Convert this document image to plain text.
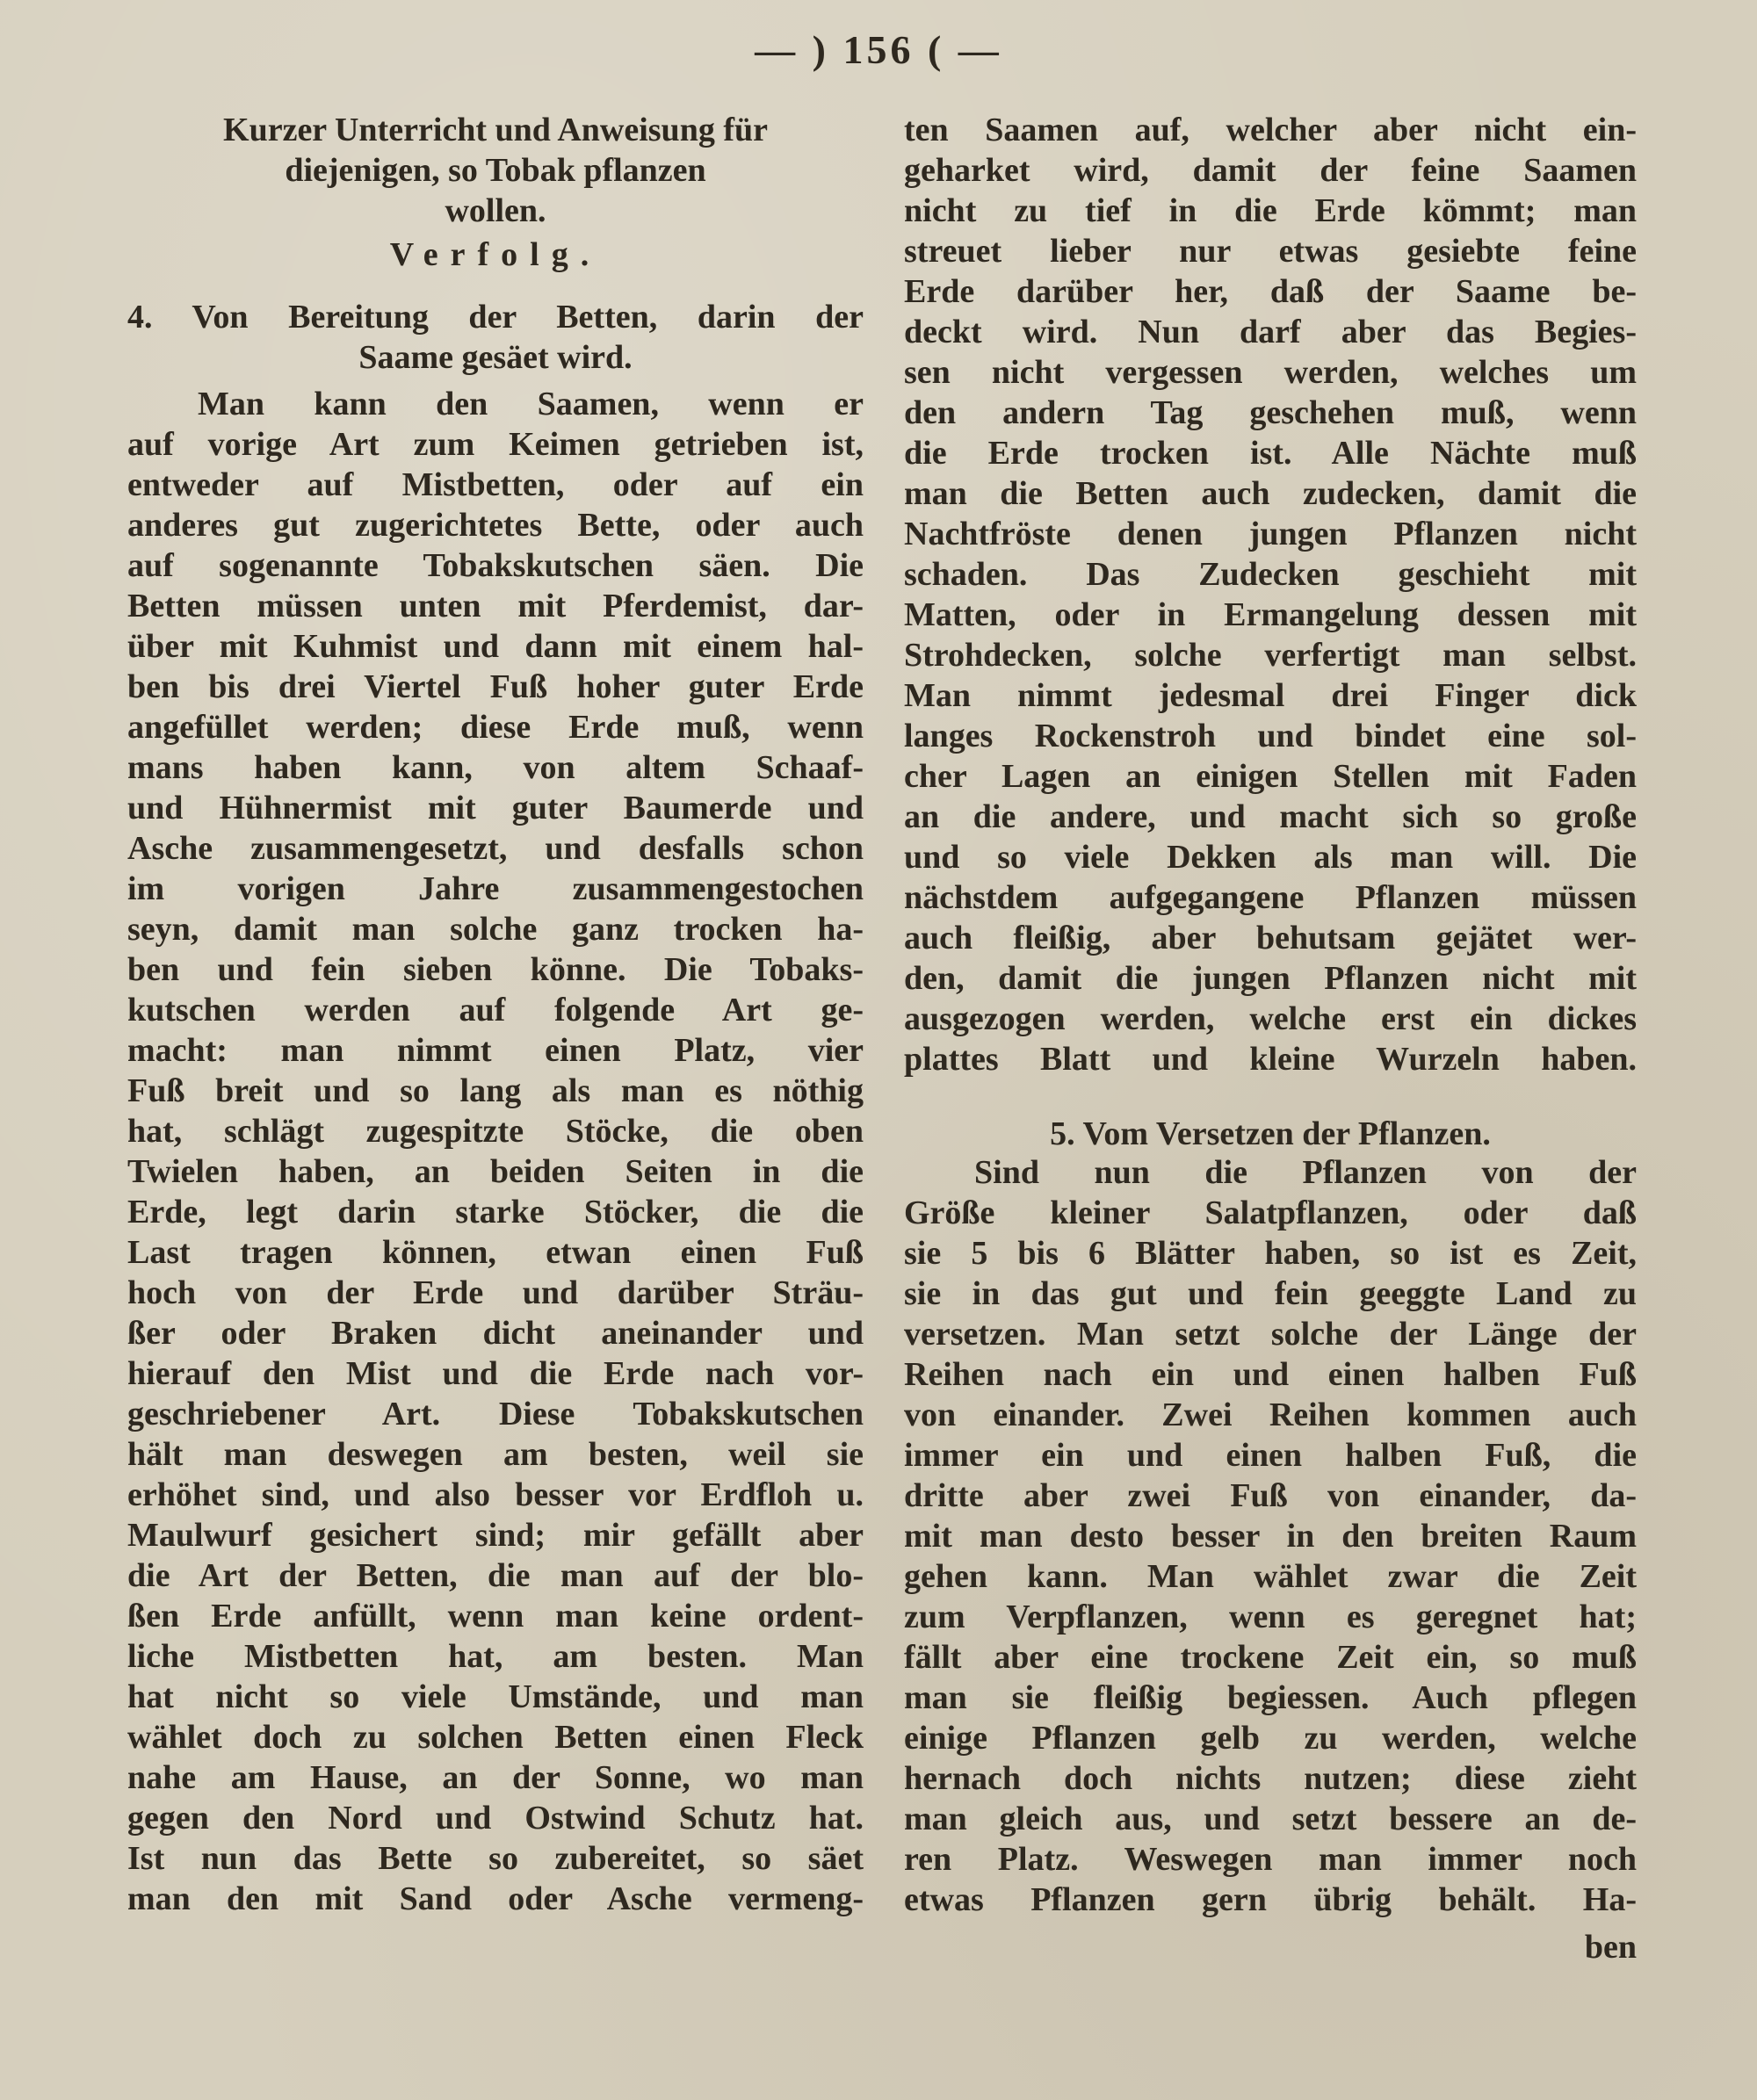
— ) 156 ( —
Kurzer Unterricht und Anweisung für
diejenigen, so Tobak pflanzen
wollen.
Verfolg.
4. Von Bereitung der Betten, darin der
Saame gesäet wird.
Man kann den Saamen, wenn er
auf vorige Art zum Keimen getrieben ist,
entweder auf Mistbetten, oder auf ein
anderes gut zugerichtetes Bette, oder auch
auf sogenannte Tobakskutschen säen. Die
Betten müssen unten mit Pferdemist, dar-
über mit Kuhmist und dann mit einem hal-
ben bis drei Viertel Fuß hoher guter Erde
angefüllet werden; diese Erde muß, wenn
mans haben kann, von altem Schaaf-
und Hühnermist mit guter Baumerde und
Asche zusammengesetzt, und desfalls schon
im vorigen Jahre zusammengestochen
seyn, damit man solche ganz trocken ha-
ben und fein sieben könne. Die Tobaks-
kutschen werden auf folgende Art ge-
macht: man nimmt einen Platz, vier
Fuß breit und so lang als man es nöthig
hat, schlägt zugespitzte Stöcke, die oben
Twielen haben, an beiden Seiten in die
Erde, legt darin starke Stöcker, die die
Last tragen können, etwan einen Fuß
hoch von der Erde und darüber Sträu-
ßer oder Braken dicht aneinander und
hierauf den Mist und die Erde nach vor-
geschriebener Art. Diese Tobakskutschen
hält man deswegen am besten, weil sie
erhöhet sind, und also besser vor Erdfloh u.
Maulwurf gesichert sind; mir gefällt aber
die Art der Betten, die man auf der blo-
ßen Erde anfüllt, wenn man keine ordent-
liche Mistbetten hat, am besten. Man
hat nicht so viele Umstände, und man
wählet doch zu solchen Betten einen Fleck
nahe am Hause, an der Sonne, wo man
gegen den Nord und Ostwind Schutz hat.
Ist nun das Bette so zubereitet, so säet
man den mit Sand oder Asche vermeng-
ten Saamen auf, welcher aber nicht ein-
geharket wird, damit der feine Saamen
nicht zu tief in die Erde kömmt; man
streuet lieber nur etwas gesiebte feine
Erde darüber her, daß der Saame be-
deckt wird. Nun darf aber das Begies-
sen nicht vergessen werden, welches um
den andern Tag geschehen muß, wenn
die Erde trocken ist. Alle Nächte muß
man die Betten auch zudecken, damit die
Nachtfröste denen jungen Pflanzen nicht
schaden. Das Zudecken geschieht mit
Matten, oder in Ermangelung dessen mit
Strohdecken, solche verfertigt man selbst.
Man nimmt jedesmal drei Finger dick
langes Rockenstroh und bindet eine sol-
cher Lagen an einigen Stellen mit Faden
an die andere, und macht sich so große
und so viele Dekken als man will. Die
nächstdem aufgegangene Pflanzen müssen
auch fleißig, aber behutsam gejätet wer-
den, damit die jungen Pflanzen nicht mit
ausgezogen werden, welche erst ein dickes
plattes Blatt und kleine Wurzeln haben.
5. Vom Versetzen der Pflanzen.
Sind nun die Pflanzen von der
Größe kleiner Salatpflanzen, oder daß
sie 5 bis 6 Blätter haben, so ist es Zeit,
sie in das gut und fein geeggte Land zu
versetzen. Man setzt solche der Länge der
Reihen nach ein und einen halben Fuß
von einander. Zwei Reihen kommen auch
immer ein und einen halben Fuß, die
dritte aber zwei Fuß von einander, da-
mit man desto besser in den breiten Raum
gehen kann. Man wählet zwar die Zeit
zum Verpflanzen, wenn es geregnet hat;
fällt aber eine trockene Zeit ein, so muß
man sie fleißig begiessen. Auch pflegen
einige Pflanzen gelb zu werden, welche
hernach doch nichts nutzen; diese zieht
man gleich aus, und setzt bessere an de-
ren Platz. Weswegen man immer noch
etwas Pflanzen gern übrig behält. Ha-
ben
